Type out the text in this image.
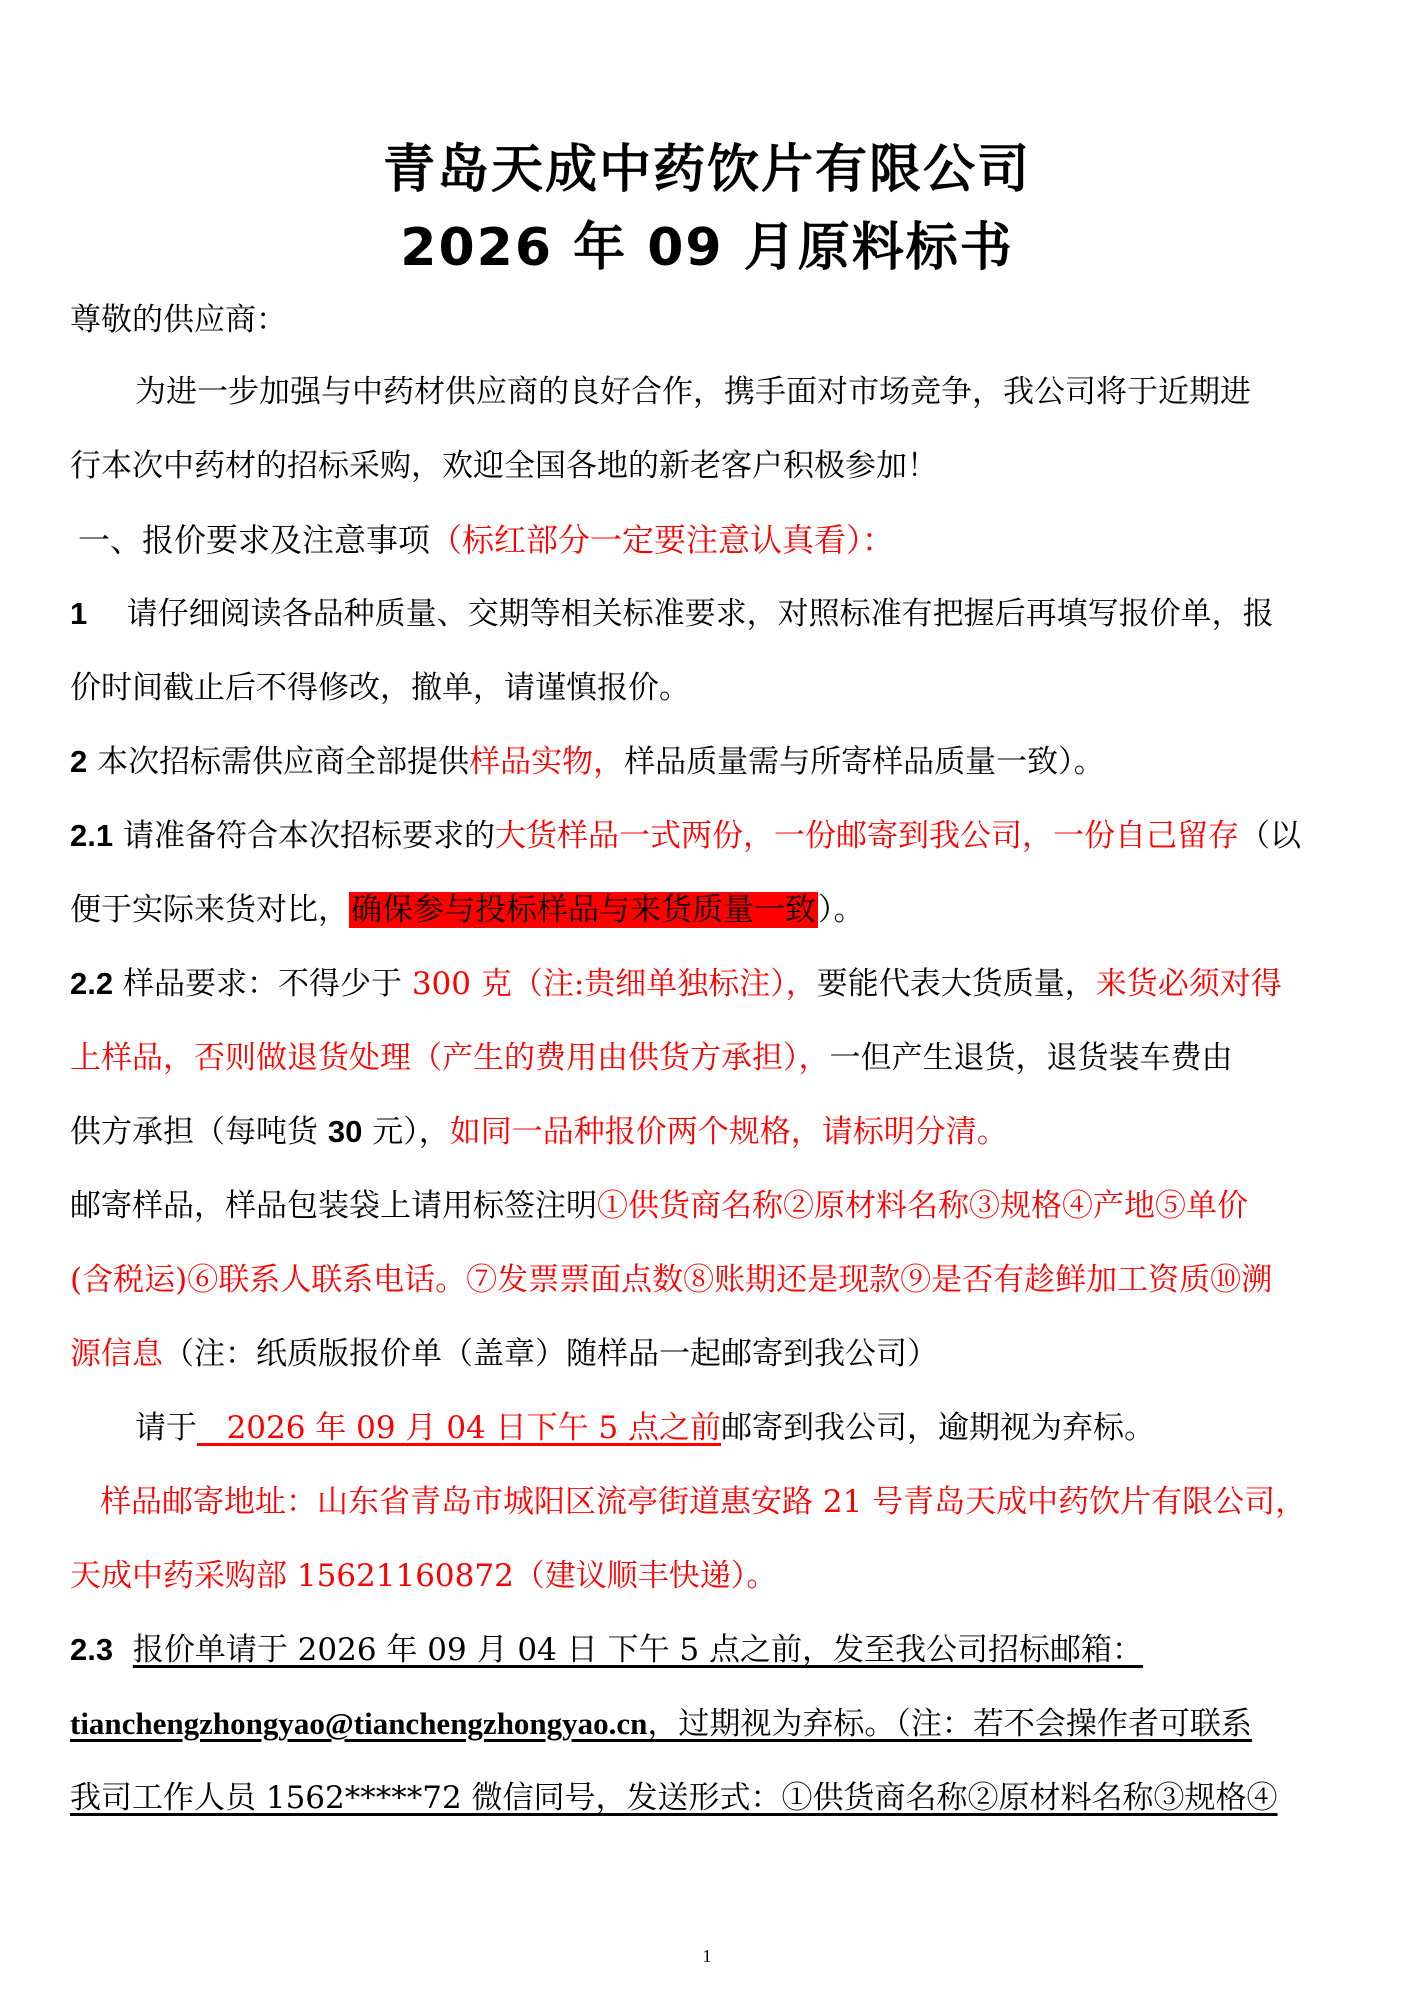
青岛天成中药饮片有限公司
2026 年 09 月原料标书
尊敬的供应商：
为进一步加强与中药材供应商的良好合作，携手面对市场竞争，我公司将于近期进
行本次中药材的招标采购，欢迎全国各地的新老客户积极参加！
一、报价要求及注意事项（标红部分一定要注意认真看）：
1 请仔细阅读各品种质量、交期等相关标准要求，对照标准有把握后再填写报价单，报
价时间截止后不得修改，撤单，请谨慎报价。
2 本次招标需供应商全部提供样品实物，样品质量需与所寄样品质量一致）。
2.1 请准备符合本次招标要求的大货样品一式两份，一份邮寄到我公司，一份自己留存（以
便于实际来货对比，确保参与投标样品与来货质量一致）。
2.2 样品要求：不得少于 300 克（注:贵细单独标注），要能代表大货质量，来货必须对得
上样品，否则做退货处理（产生的费用由供货方承担），一但产生退货，退货装车费由
供方承担（每吨货 30 元），如同一品种报价两个规格，请标明分清。
邮寄样品，样品包装袋上请用标签注明①供货商名称②原材料名称③规格④产地⑤单价
(含税运)⑥联系人联系电话。⑦发票票面点数⑧账期还是现款⑨是否有趁鲜加工资质⑩溯
源信息（注：纸质版报价单（盖章）随样品一起邮寄到我公司）
请于 2026 年 09 月 04 日下午 5 点之前邮寄到我公司，逾期视为弃标。
样品邮寄地址：山东省青岛市城阳区流亭街道惠安路 21 号青岛天成中药饮片有限公司，
天成中药采购部 15621160872（建议顺丰快递）。
2.3 报价单请于 2026 年 09 月 04 日 下午 5 点之前，发至我公司招标邮箱：
tianchengzhongyao@tianchengzhongyao.cn，过期视为弃标。（注：若不会操作者可联系
我司工作人员 1562*****72 微信同号，发送形式：①供货商名称②原材料名称③规格④
1
